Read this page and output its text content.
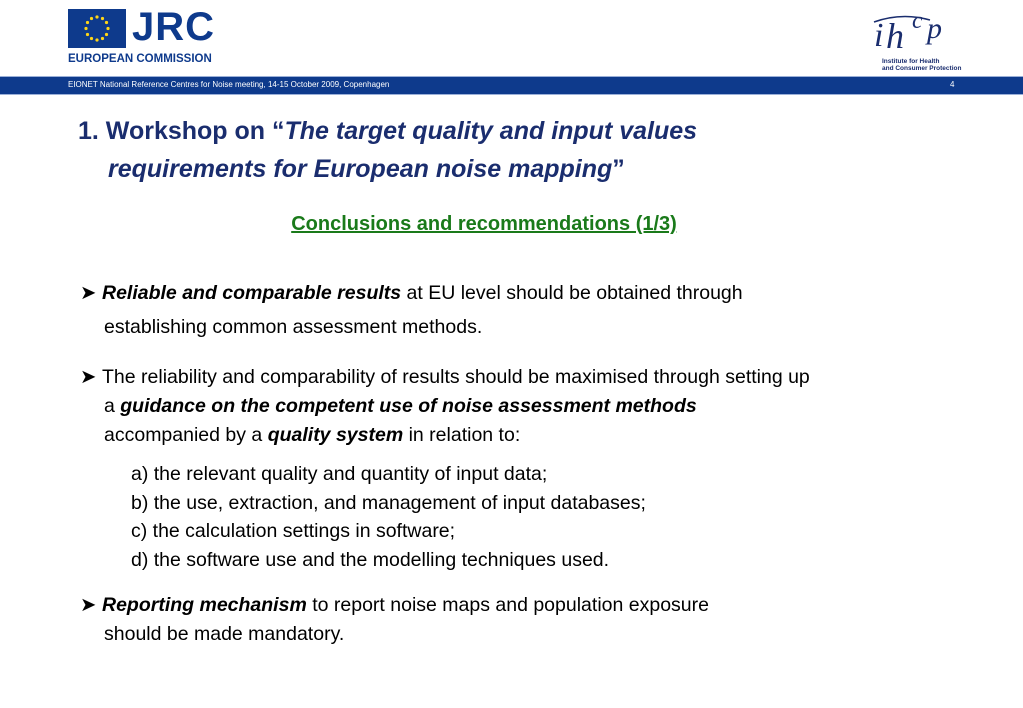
JRC
EUROPEAN COMMISSION
i h c p
Institute for Health
and Consumer Protection
EIONET National Reference Centres for Noise meeting, 14-15 October 2009, Copenhagen	4
1. Workshop on “The target quality and input values
requirements for European noise mapping”
Conclusions and recommendations (1/3)
➤ Reliable and comparable results at EU level should be obtained through
establishing common assessment methods.
➤ The reliability and comparability of results should be maximised through setting up
a guidance on the competent use of noise assessment methods
accompanied by a quality system in relation to:
a) the relevant quality and quantity of input data;
b) the use, extraction, and management of input databases;
c) the calculation settings in software;
d) the software use and the modelling techniques used.
➤ Reporting mechanism to report noise maps and population exposure
should be made mandatory.
